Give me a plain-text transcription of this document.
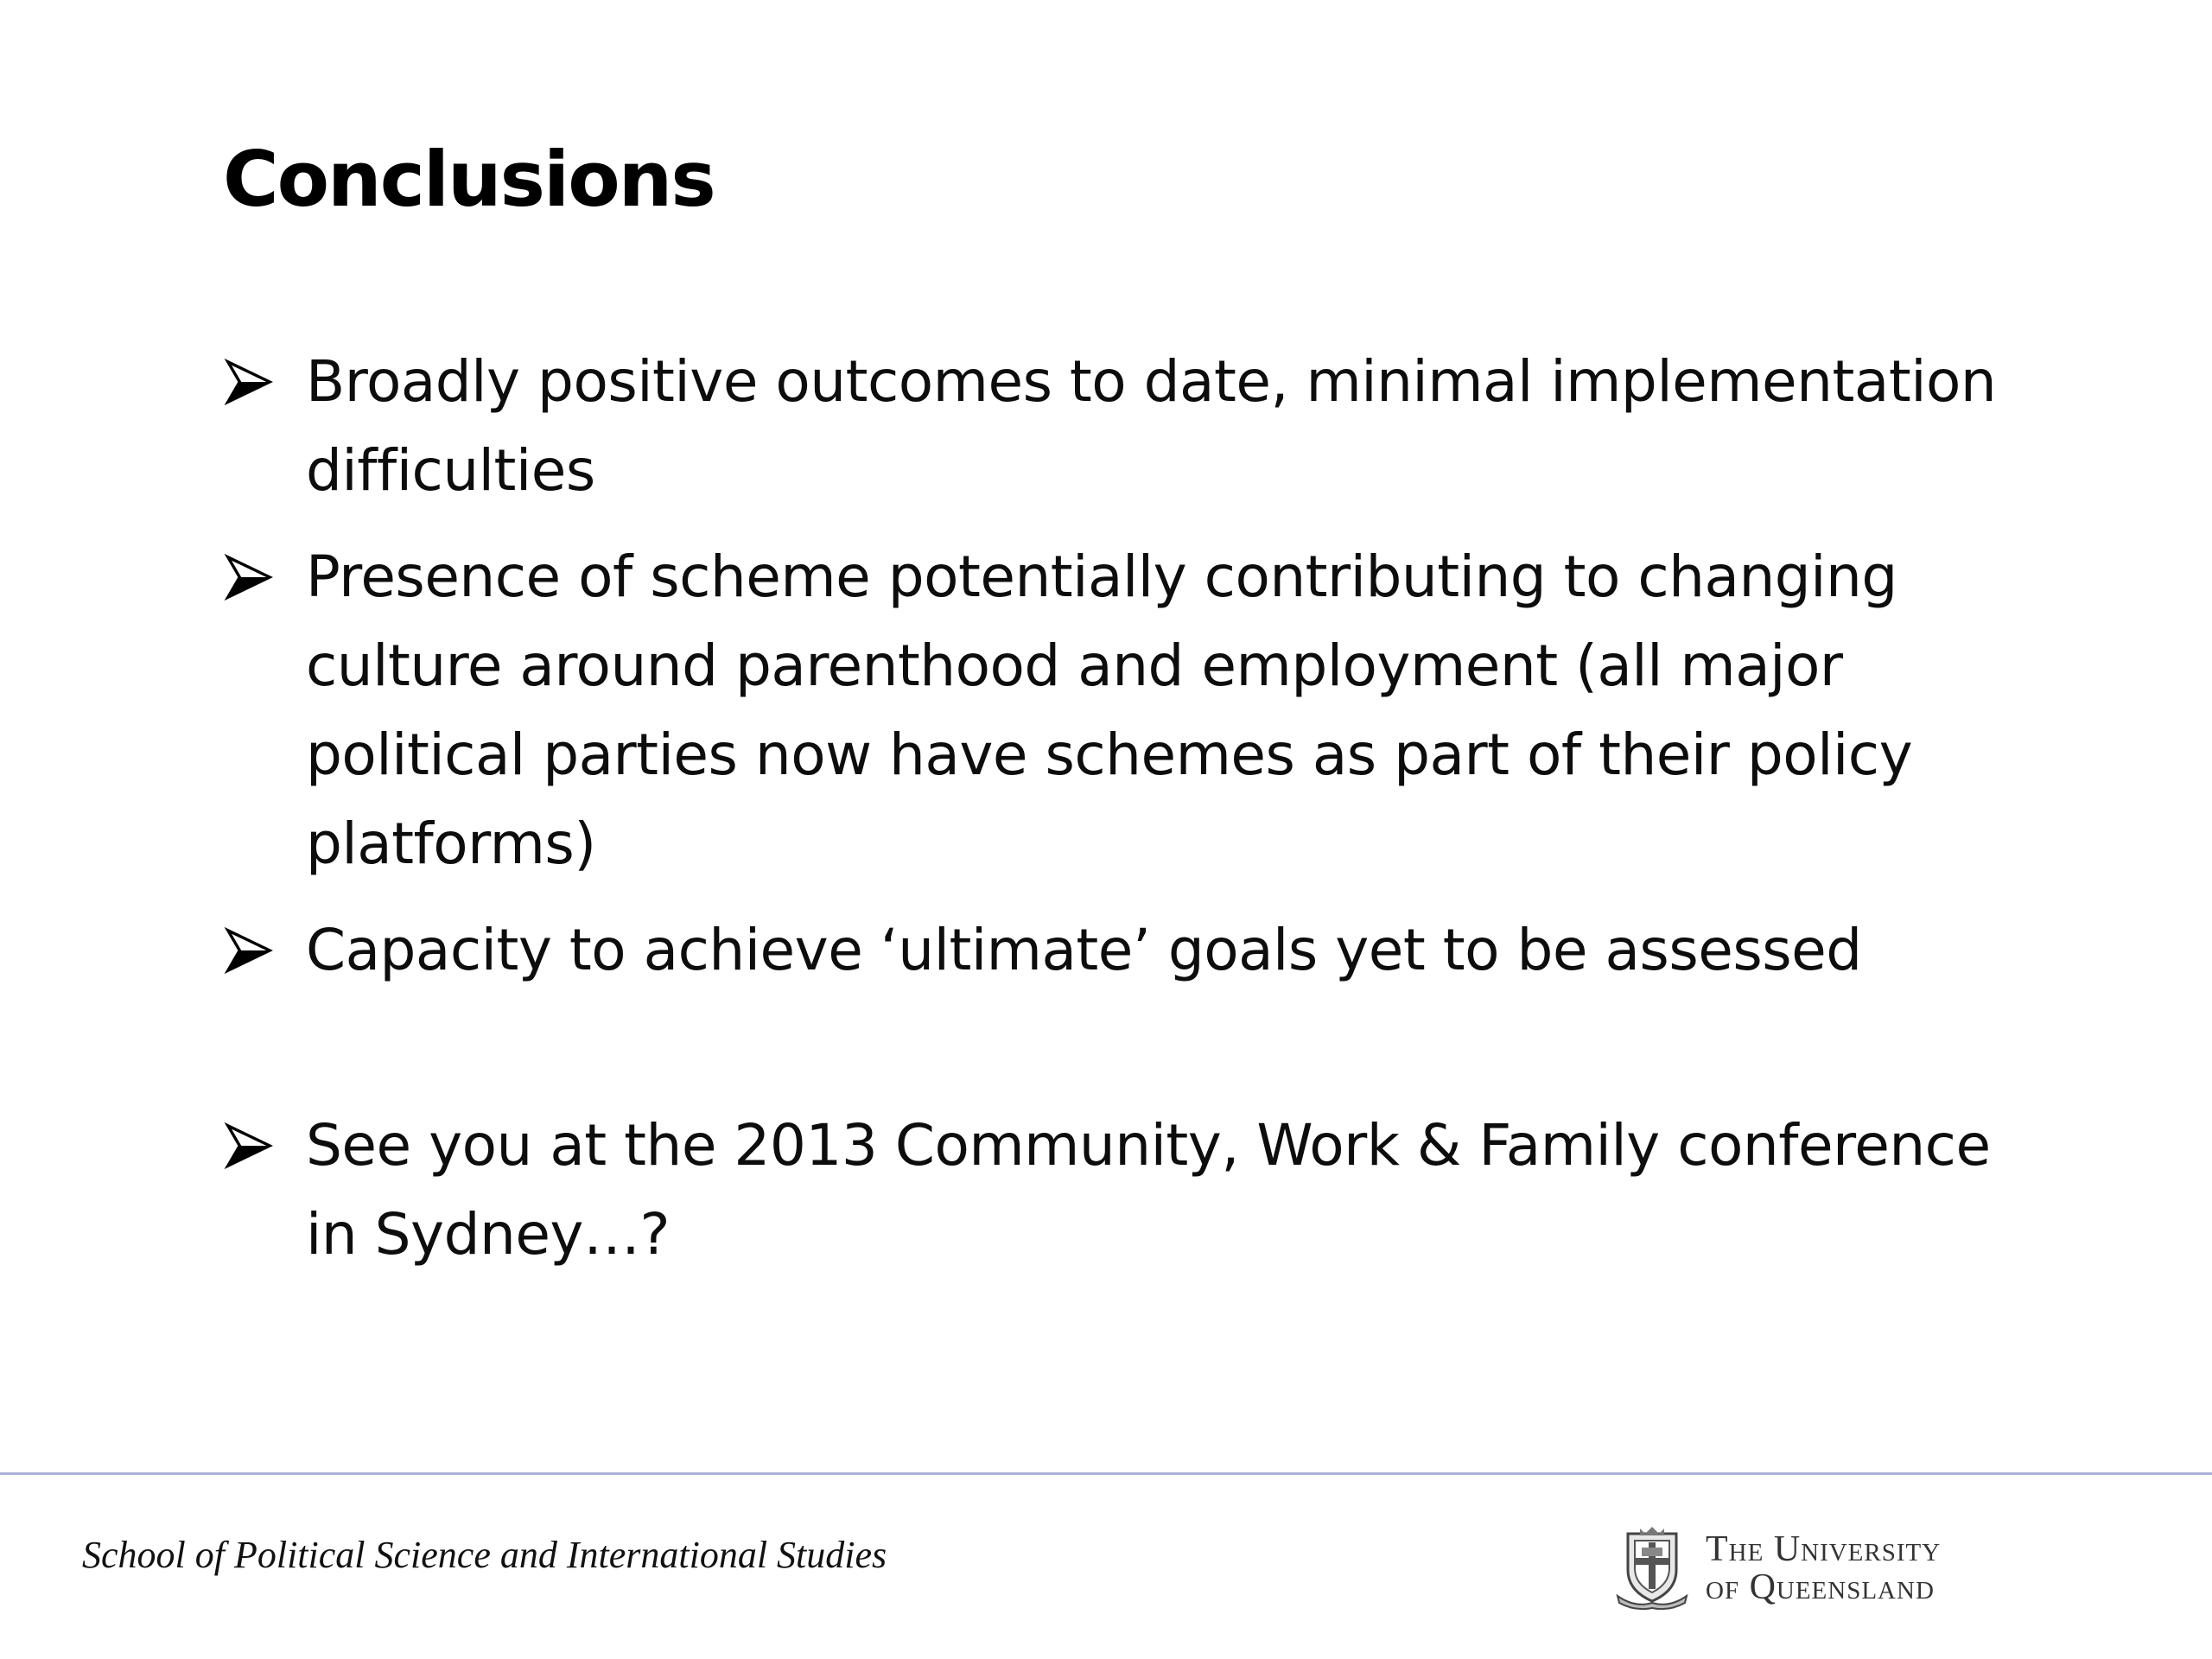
Conclusions
Broadly positive outcomes to date, minimal implementation difficulties
Presence of scheme potentially contributing to changing culture around parenthood and employment (all major political parties now have schemes as part of their policy platforms)
Capacity to achieve ‘ultimate’ goals yet to be assessed
See you at the 2013 Community, Work & Family conference in Sydney…?
School of Political Science and International Studies	The University
of Queensland
